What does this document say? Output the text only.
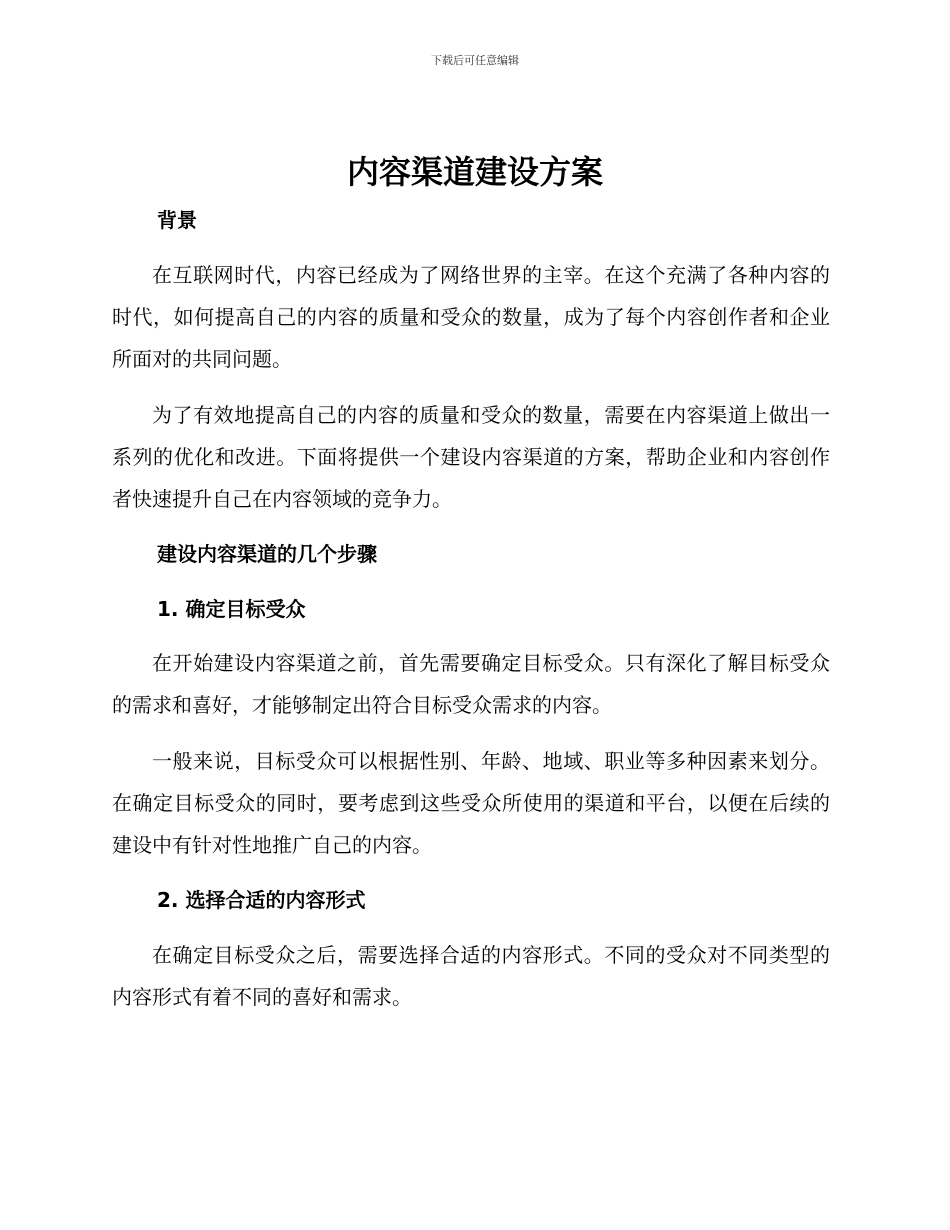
下载后可任意编辑
内容渠道建设方案
背景

在互联网时代，内容已经成为了网络世界的主宰。在这个充满了各种内容的时代，如何提高自己的内容的质量和受众的数量，成为了每个内容创作者和企业所面对的共同问题。

为了有效地提高自己的内容的质量和受众的数量，需要在内容渠道上做出一系列的优化和改进。下面将提供一个建设内容渠道的方案，帮助企业和内容创作者快速提升自己在内容领域的竞争力。

建设内容渠道的几个步骤
1. 确定目标受众

在开始建设内容渠道之前，首先需要确定目标受众。只有深化了解目标受众的需求和喜好，才能够制定出符合目标受众需求的内容。

一般来说，目标受众可以根据性别、年龄、地域、职业等多种因素来划分。在确定目标受众的同时，要考虑到这些受众所使用的渠道和平台，以便在后续的建设中有针对性地推广自己的内容。

2. 选择合适的内容形式

在确定目标受众之后，需要选择合适的内容形式。不同的受众对不同类型的内容形式有着不同的喜好和需求。
